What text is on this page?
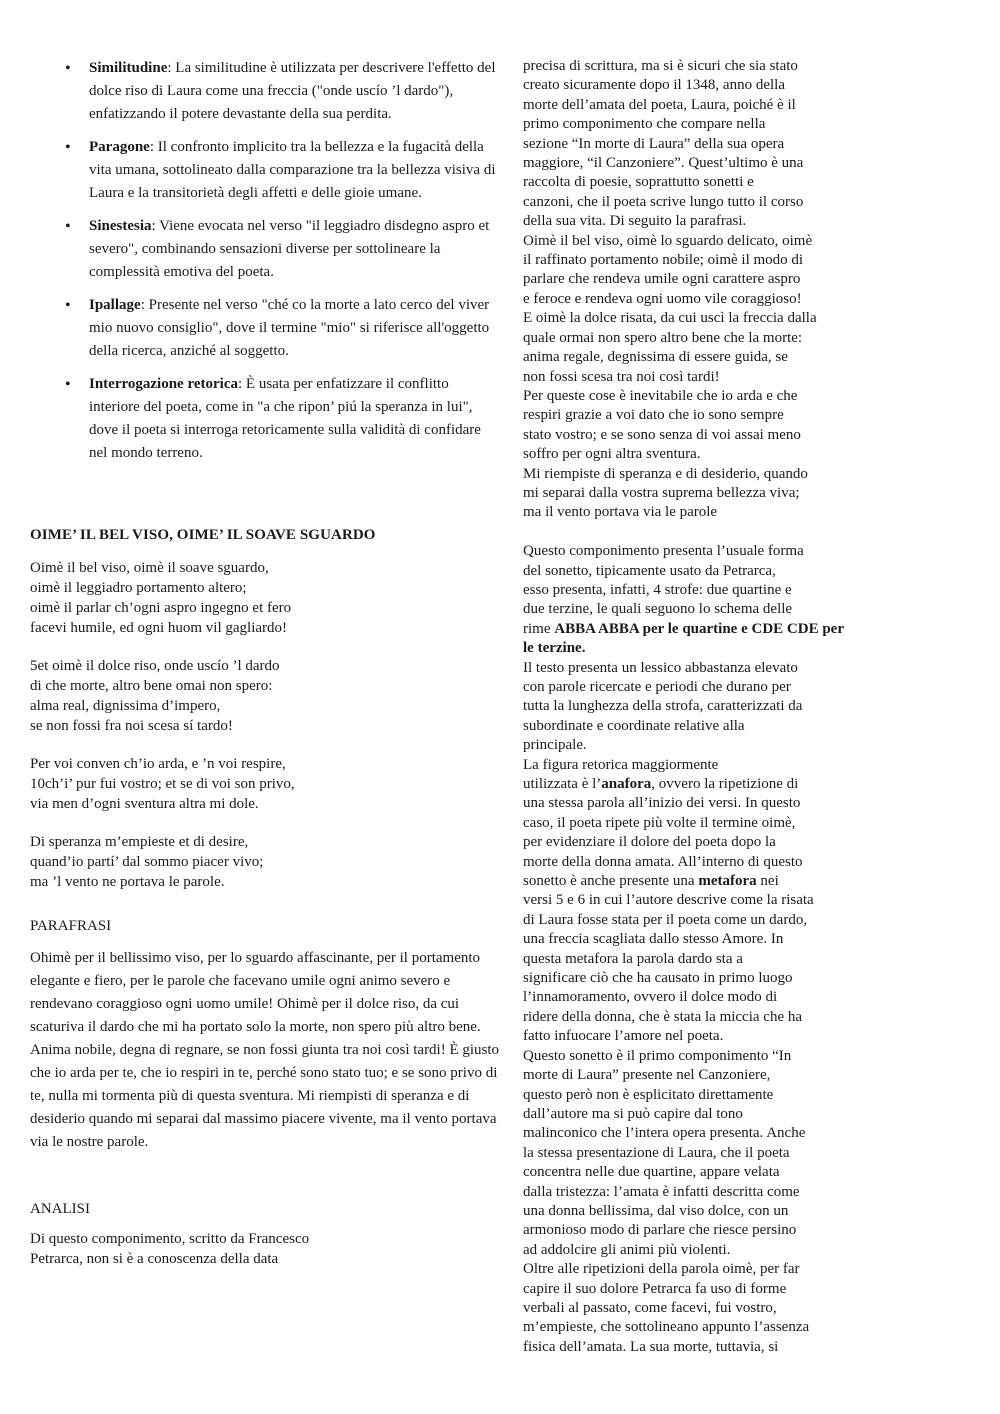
• Similitudine: La similitudine è utilizzata per descrivere l'effetto del dolce riso di Laura come una freccia ("onde uscío ’l dardo"), enfatizzando il potere devastante della sua perdita.
• Paragone: Il confronto implicito tra la bellezza e la fugacità della vita umana, sottolineato dalla comparazione tra la bellezza visiva di Laura e la transitorietà degli affetti e delle gioie umane.
• Sinestesia: Viene evocata nel verso "il leggiadro disdegno aspro et severo", combinando sensazioni diverse per sottolineare la complessità emotiva del poeta.
• Ipallage: Presente nel verso "ché co la morte a lato cerco del viver mio nuovo consiglio", dove il termine "mio" si riferisce all'oggetto della ricerca, anziché al soggetto.
• Interrogazione retorica: È usata per enfatizzare il conflitto interiore del poeta, come in "a che ripon’ piú la speranza in lui", dove il poeta si interroga retoricamente sulla validità di confidare nel mondo terreno.

OIME’ IL BEL VISO, OIME’ IL SOAVE SGUARDO

Oimè il bel viso, oimè il soave sguardo,

oimè il leggiadro portamento altero;

oimè il parlar ch’ogni aspro ingegno et fero

facevi humile, ed ogni huom vil gagliardo!

5et oimè il dolce riso, onde uscío ’l dardo

di che morte, altro bene omai non spero:

alma real, dignissima d’impero,

se non fossi fra noi scesa sí tardo!

Per voi conven ch’io arda, e ’n voi respire,

10ch’i’ pur fui vostro; et se di voi son privo,

via men d’ogni sventura altra mi dole.

Di speranza m’empieste et di desire,

quand’io partí’ dal sommo piacer vivo;

ma ’l vento ne portava le parole.

PARAFRASI

Ohimè per il bellissimo viso, per lo sguardo affascinante, per il portamento elegante e fiero, per le parole che facevano umile ogni animo severo e rendevano coraggioso ogni uomo umile! Ohimè per il dolce riso, da cui scaturiva il dardo che mi ha portato solo la morte, non spero più altro bene. Anima nobile, degna di regnare, se non fossi giunta tra noi così tardi! È giusto che io arda per te, che io respiri in te, perché sono stato tuo; e se sono privo di te, nulla mi tormenta più di questa sventura. Mi riempisti di speranza e di desiderio quando mi separai dal massimo piacere vivente, ma il vento portava via le nostre parole.

ANALISI

Di questo componimento, scritto da Francesco

Petrarca, non si è a conoscenza della data

precisa di scrittura, ma si è sicuri che sia stato
creato sicuramente dopo il 1348, anno della
morte dell’amata del poeta, Laura, poiché è il
primo componimento che compare nella
sezione “In morte di Laura” della sua opera
maggiore, “il Canzoniere”. Quest’ultimo è una
raccolta di poesie, soprattutto sonetti e
canzoni, che il poeta scrive lungo tutto il corso
della sua vita. Di seguito la parafrasi.
Oimè il bel viso, oimè lo sguardo delicato, oimè
il raffinato portamento nobile; oimè il modo di
parlare che rendeva umile ogni carattere aspro
e feroce e rendeva ogni uomo vile coraggioso!
E oimè la dolce risata, da cui uscì la freccia dalla
quale ormai non spero altro bene che la morte:
anima regale, degnissima di essere guida, se
non fossi scesa tra noi così tardi!
Per queste cose è inevitabile che io arda e che
respiri grazie a voi dato che io sono sempre
stato vostro; e se sono senza di voi assai meno
soffro per ogni altra sventura.
Mi riempiste di speranza e di desiderio, quando
mi separai dalla vostra suprema bellezza viva;
ma il vento portava via le parole
Questo componimento presenta l’usuale forma
del sonetto, tipicamente usato da Petrarca,
esso presenta, infatti, 4 strofe: due quartine e
due terzine, le quali seguono lo schema delle
rime ABBA ABBA per le quartine e CDE CDE per
le terzine.
Il testo presenta un lessico abbastanza elevato
con parole ricercate e periodi che durano per
tutta la lunghezza della strofa, caratterizzati da
subordinate e coordinate relative alla
principale.
La figura retorica maggiormente
utilizzata è l’anafora, ovvero la ripetizione di
una stessa parola all’inizio dei versi. In questo
caso, il poeta ripete più volte il termine oimè,
per evidenziare il dolore del poeta dopo la
morte della donna amata. All’interno di questo
sonetto è anche presente una metafora nei
versi 5 e 6 in cui l’autore descrive come la risata
di Laura fosse stata per il poeta come un dardo,
una freccia scagliata dallo stesso Amore. In
questa metafora la parola dardo sta a
significare ciò che ha causato in primo luogo
l’innamoramento, ovvero il dolce modo di
ridere della donna, che è stata la miccia che ha
fatto infuocare l’amore nel poeta.
Questo sonetto è il primo componimento “In
morte di Laura” presente nel Canzoniere,
questo però non è esplicitato direttamente
dall’autore ma si può capire dal tono
malinconico che l’intera opera presenta. Anche
la stessa presentazione di Laura, che il poeta
concentra nelle due quartine, appare velata
dalla tristezza: l’amata è infatti descritta come
una donna bellissima, dal viso dolce, con un
armonioso modo di parlare che riesce persino
ad addolcire gli animi più violenti.
Oltre alle ripetizioni della parola oimè, per far
capire il suo dolore Petrarca fa uso di forme
verbali al passato, come facevi, fui vostro,
m’empieste, che sottolineano appunto l’assenza
fisica dell’amata. La sua morte, tuttavia, si
